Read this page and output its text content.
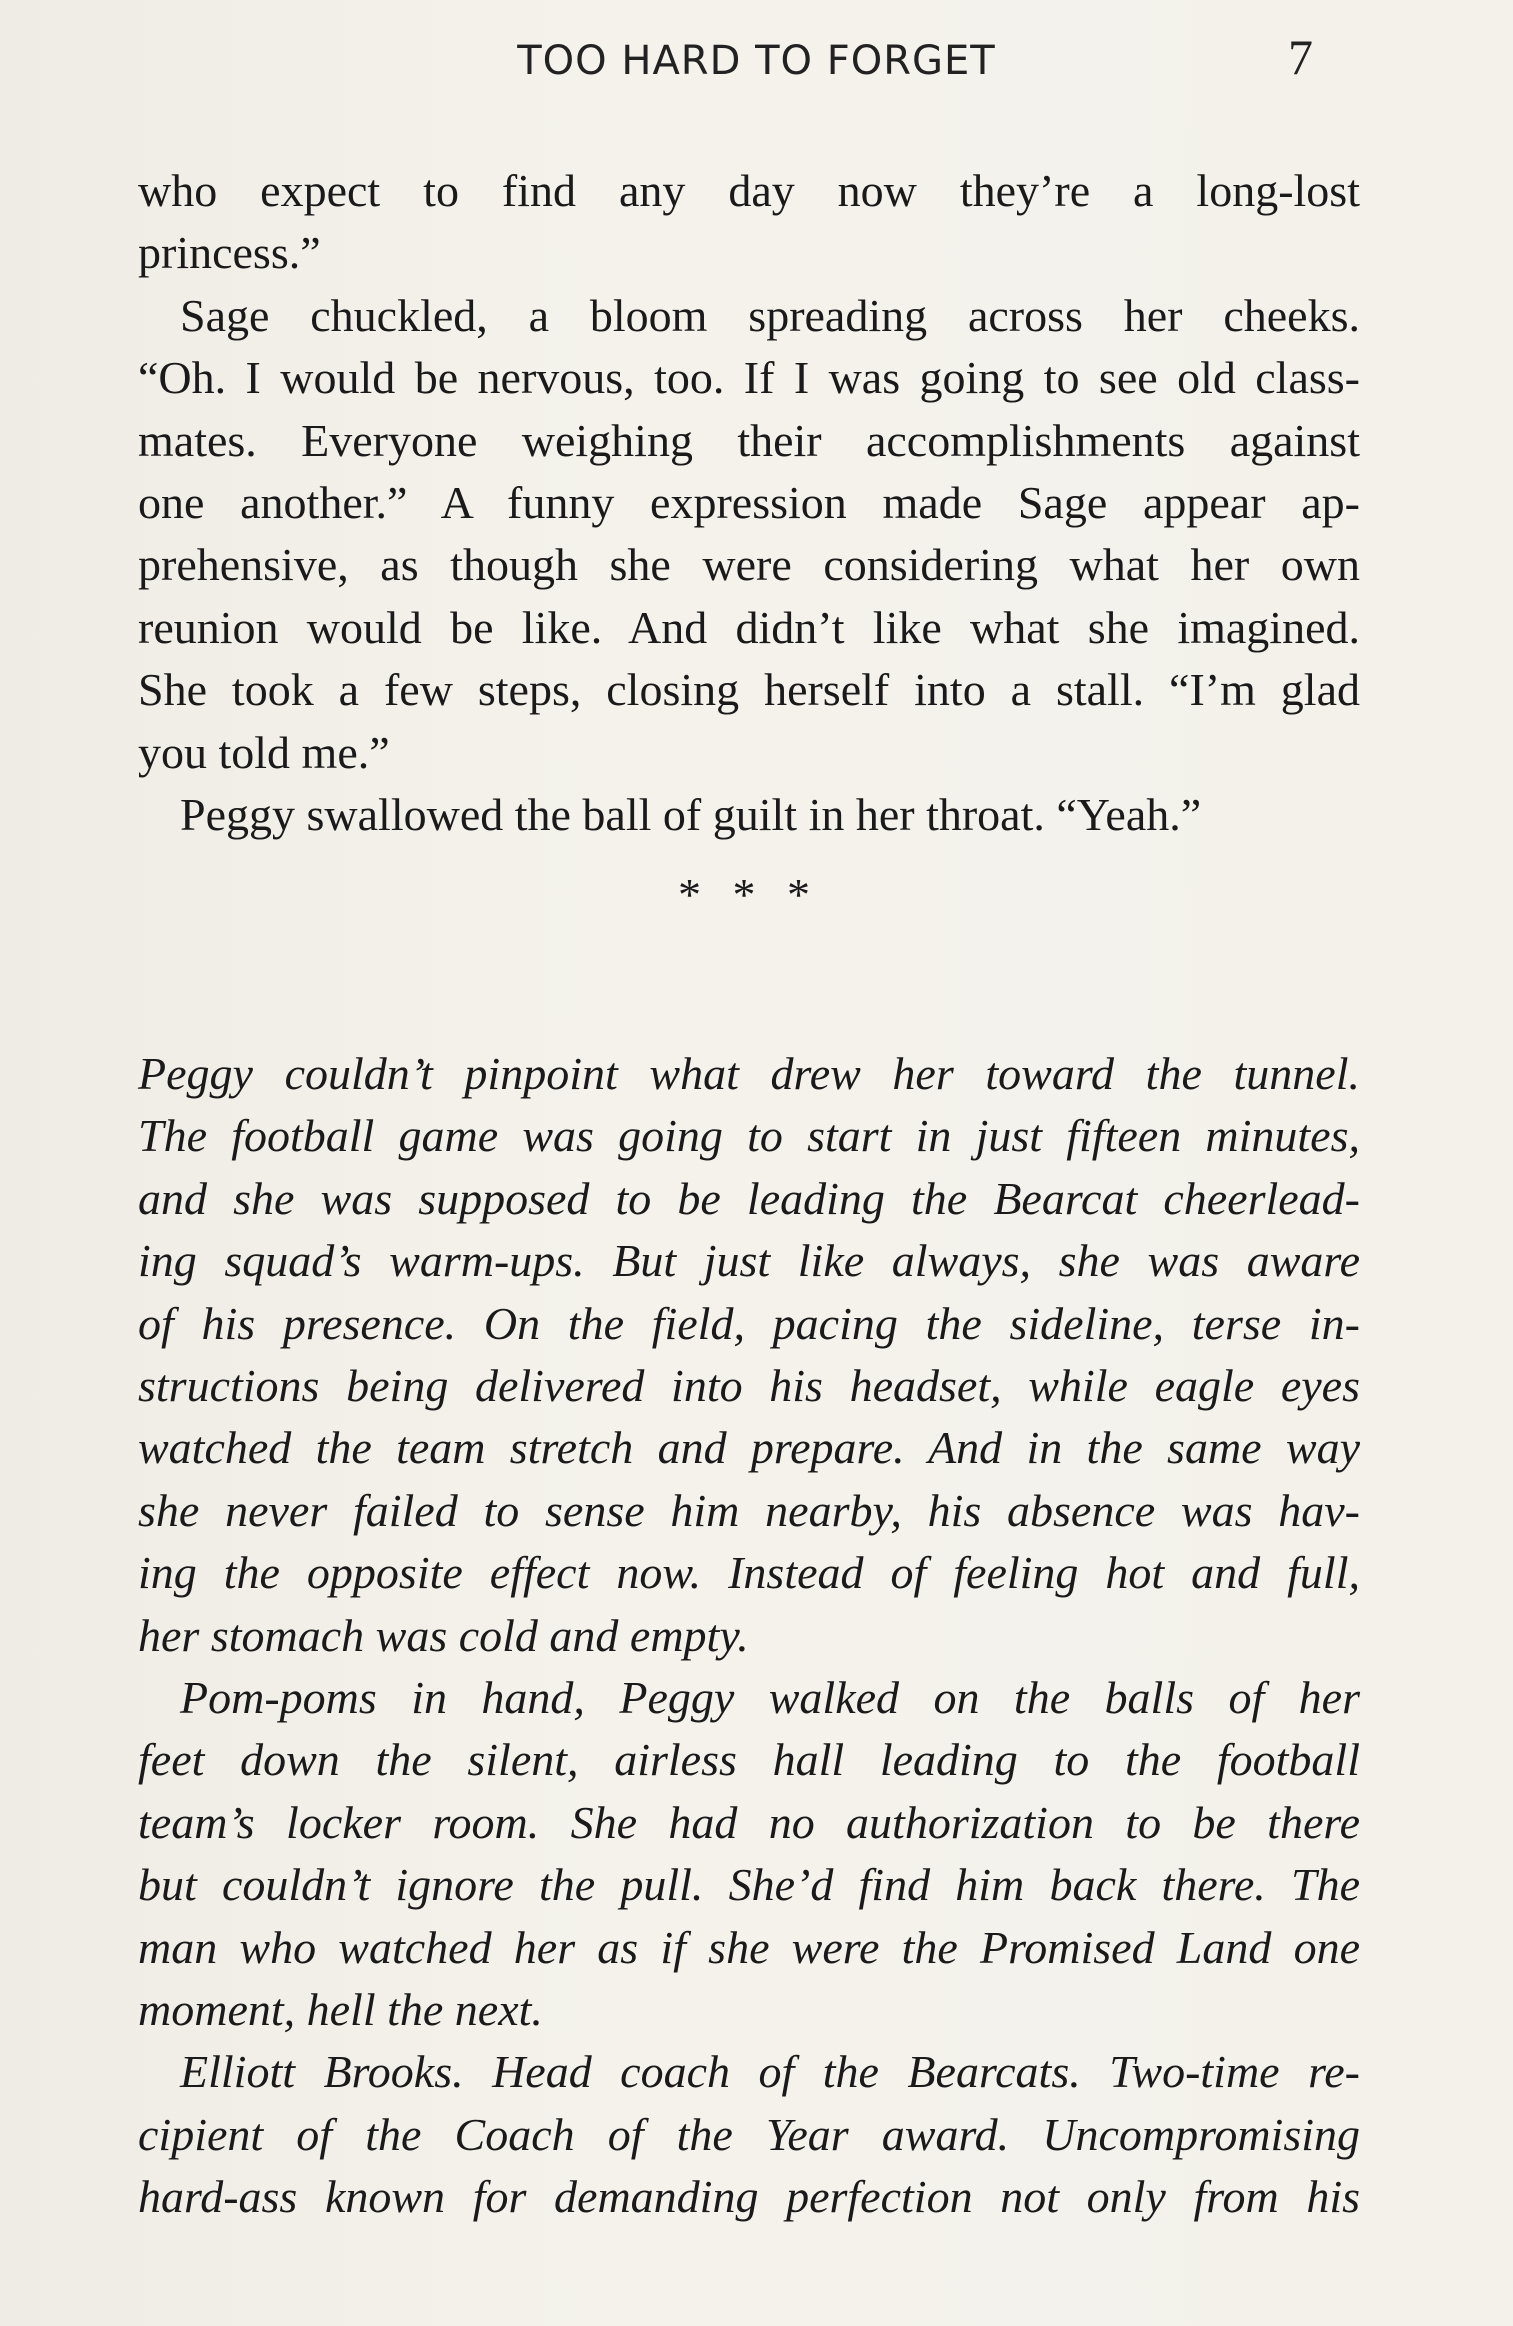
TOO HARD TO FORGET	7

who expect to find any day now they’re a long-lost
princess.”

Sage chuckled, a bloom spreading across her cheeks.
“Oh. I would be nervous, too. If I was going to see old class-
mates. Everyone weighing their accomplishments against
one another.” A funny expression made Sage appear ap-
prehensive, as though she were considering what her own
reunion would be like. And didn’t like what she imagined.
She took a few steps, closing herself into a stall. “I’m glad
you told me.”

Peggy swallowed the ball of guilt in her throat. “Yeah.”

* * *

Peggy couldn’t pinpoint what drew her toward the tunnel.
The football game was going to start in just fifteen minutes,
and she was supposed to be leading the Bearcat cheerlead-
ing squad’s warm-ups. But just like always, she was aware
of his presence. On the field, pacing the sideline, terse in-
structions being delivered into his headset, while eagle eyes
watched the team stretch and prepare. And in the same way
she never failed to sense him nearby, his absence was hav-
ing the opposite effect now. Instead of feeling hot and full,
her stomach was cold and empty.

Pom-poms in hand, Peggy walked on the balls of her
feet down the silent, airless hall leading to the football
team’s locker room. She had no authorization to be there
but couldn’t ignore the pull. She’d find him back there. The
man who watched her as if she were the Promised Land one
moment, hell the next.

Elliott Brooks. Head coach of the Bearcats. Two-time re-
cipient of the Coach of the Year award. Uncompromising
hard-ass known for demanding perfection not only from his
